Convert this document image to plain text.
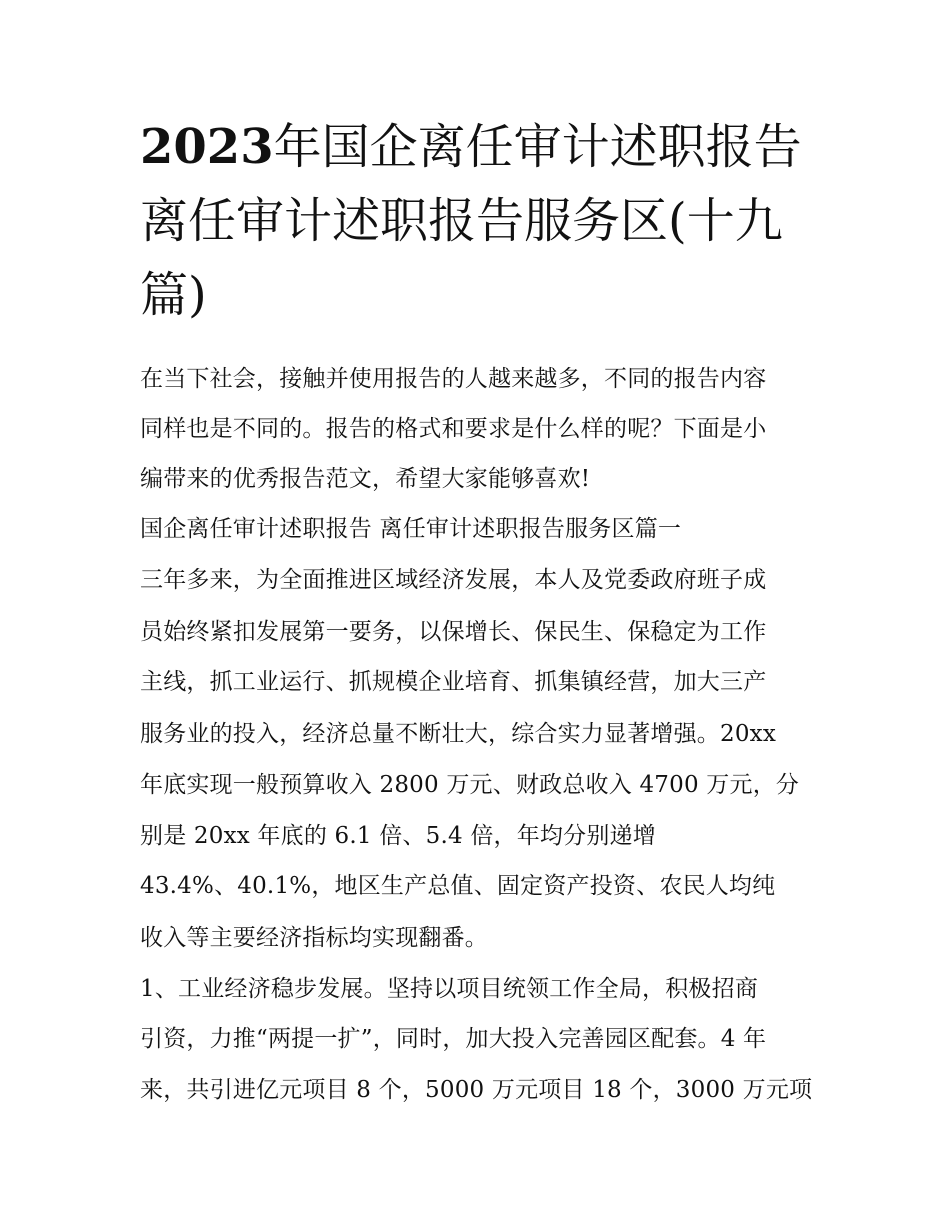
2023年国企离任审计述职报告
离任审计述职报告服务区(十九
篇)
在当下社会，接触并使用报告的人越来越多，不同的报告内容
同样也是不同的。报告的格式和要求是什么样的呢？下面是小
编带来的优秀报告范文，希望大家能够喜欢!
国企离任审计述职报告 离任审计述职报告服务区篇一
三年多来，为全面推进区域经济发展，本人及党委政府班子成
员始终紧扣发展第一要务，以保增长、保民生、保稳定为工作
主线，抓工业运行、抓规模企业培育、抓集镇经营，加大三产
服务业的投入，经济总量不断壮大，综合实力显著增强。20xx
年底实现一般预算收入 2800 万元、财政总收入 4700 万元，分
别是 20xx 年底的 6.1 倍、5.4 倍，年均分别递增
43.4%、40.1%，地区生产总值、固定资产投资、农民人均纯
收入等主要经济指标均实现翻番。
1、工业经济稳步发展。坚持以项目统领工作全局，积极招商
引资，力推“两提一扩”，同时，加大投入完善园区配套。4 年
来，共引进亿元项目 8 个，5000 万元项目 18 个，3000 万元项
